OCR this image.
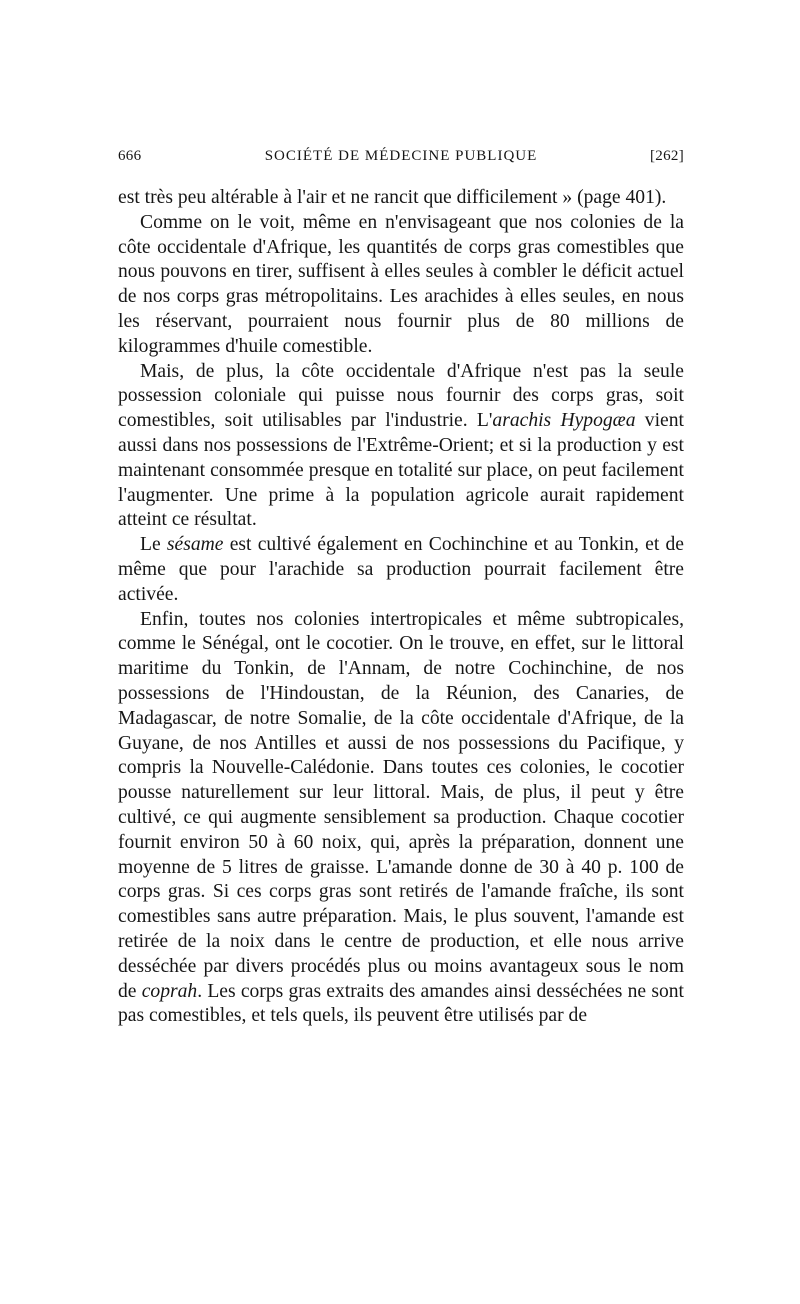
666	SOCIÉTÉ DE MÉDECINE PUBLIQUE	[262]

est très peu altérable à l'air et ne rancit que difficilement » (page 401).

Comme on le voit, même en n'envisageant que nos colonies de la côte occidentale d'Afrique, les quantités de corps gras comestibles que nous pouvons en tirer, suffisent à elles seules à combler le déficit actuel de nos corps gras métropolitains. Les arachides à elles seules, en nous les réservant, pourraient nous fournir plus de 80 millions de kilogrammes d'huile comestible.

Mais, de plus, la côte occidentale d'Afrique n'est pas la seule possession coloniale qui puisse nous fournir des corps gras, soit comestibles, soit utilisables par l'industrie. L'arachis Hypogæa vient aussi dans nos possessions de l'Extrême-Orient; et si la production y est maintenant consommée presque en totalité sur place, on peut facilement l'augmenter. Une prime à la population agricole aurait rapidement atteint ce résultat.

Le sésame est cultivé également en Cochinchine et au Tonkin, et de même que pour l'arachide sa production pourrait facilement être activée.

Enfin, toutes nos colonies intertropicales et même subtropicales, comme le Sénégal, ont le cocotier. On le trouve, en effet, sur le littoral maritime du Tonkin, de l'Annam, de notre Cochinchine, de nos possessions de l'Hindoustan, de la Réunion, des Canaries, de Madagascar, de notre Somalie, de la côte occidentale d'Afrique, de la Guyane, de nos Antilles et aussi de nos possessions du Pacifique, y compris la Nouvelle-Calédonie. Dans toutes ces colonies, le cocotier pousse naturellement sur leur littoral. Mais, de plus, il peut y être cultivé, ce qui augmente sensiblement sa production. Chaque cocotier fournit environ 50 à 60 noix, qui, après la préparation, donnent une moyenne de 5 litres de graisse. L'amande donne de 30 à 40 p. 100 de corps gras. Si ces corps gras sont retirés de l'amande fraîche, ils sont comestibles sans autre préparation. Mais, le plus souvent, l'amande est retirée de la noix dans le centre de production, et elle nous arrive desséchée par divers procédés plus ou moins avantageux sous le nom de coprah. Les corps gras extraits des amandes ainsi desséchées ne sont pas comestibles, et tels quels, ils peuvent être utilisés par de
